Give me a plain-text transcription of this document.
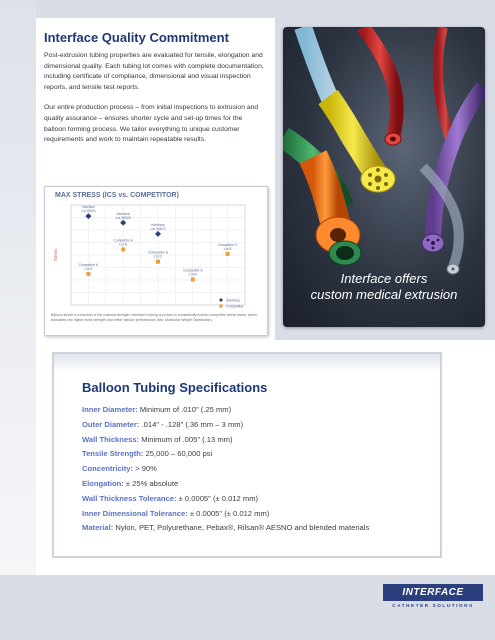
Interface Quality Commitment

Post-extrusion tubing properties are evaluated for tensile, elongation and dimensional quality. Each tubing lot comes with complete documentation, including certificate of compliance, dimensional and visual inspection reports, and tensile test reports.

Our entire production process – from initial inspections to extrusion and quality assurance – ensures shorter cycle and set-up times for the balloon forming process. We tailor everything to unique customer requirements and work to maintain repeatable results.

MAX STRESS (ICS vs. COMPETITOR)
Stress
Interface Lot 15001
Interface Lot 25526
Interface Lot 34670
Competitor A Lot A
Competitor A Lot B
Competitor B Lot C
Competitor A Lot A
Competitor C Lot B
Interface
Competitor
Balloon stress is a function of the material strength. Interface's tubing is proven to consistently exceed competitor stress levels, which translates into higher burst strength and better balloon performance (Mw: Molecular Weight Distribution).
Interface offers
custom medical extrusion
Balloon Tubing Specifications
Inner Diameter: Minimum of .010" (.25 mm)
Outer Diameter: .014" - .128" (.36 mm – 3 mm)
Wall Thickness: Minimum of .005" (.13 mm)
Tensile Strength: 25,000 – 60,000 psi
Concentricity: > 90%
Elongation: ± 25% absolute
Wall Thickness Tolerance: ± 0.0005" (± 0.012 mm)
Inner Dimensional Tolerance: ± 0.0005" (± 0.012 mm)
Material: Nylon, PET, Polyurethane, Pebax®, Rilsan® AESNO and blended materials
INTERFACE
CATHETER SOLUTIONS
